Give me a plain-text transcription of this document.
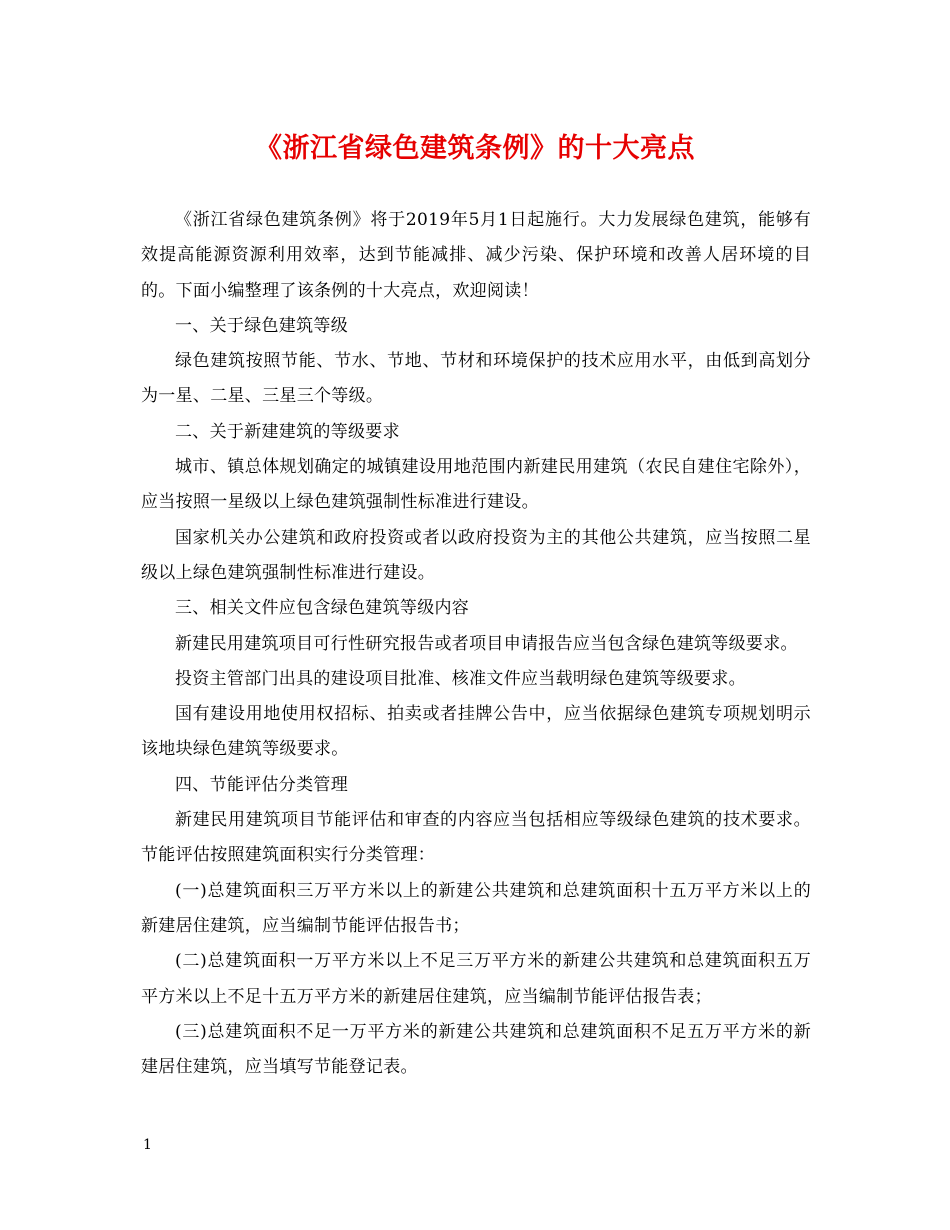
《浙江省绿色建筑条例》的十大亮点

《浙江省绿色建筑条例》将于2019年5月1日起施行。大力发展绿色建筑，能够有效提高能源资源利用效率，达到节能减排、减少污染、保护环境和改善人居环境的目的。下面小编整理了该条例的十大亮点，欢迎阅读！

一、关于绿色建筑等级

绿色建筑按照节能、节水、节地、节材和环境保护的技术应用水平，由低到高划分为一星、二星、三星三个等级。

二、关于新建建筑的等级要求

城市、镇总体规划确定的城镇建设用地范围内新建民用建筑（农民自建住宅除外），应当按照一星级以上绿色建筑强制性标准进行建设。

国家机关办公建筑和政府投资或者以政府投资为主的其他公共建筑，应当按照二星级以上绿色建筑强制性标准进行建设。

三、相关文件应包含绿色建筑等级内容

新建民用建筑项目可行性研究报告或者项目申请报告应当包含绿色建筑等级要求。

投资主管部门出具的建设项目批准、核准文件应当载明绿色建筑等级要求。

国有建设用地使用权招标、拍卖或者挂牌公告中，应当依据绿色建筑专项规划明示该地块绿色建筑等级要求。

四、节能评估分类管理

新建民用建筑项目节能评估和审查的内容应当包括相应等级绿色建筑的技术要求。节能评估按照建筑面积实行分类管理：

(一)总建筑面积三万平方米以上的新建公共建筑和总建筑面积十五万平方米以上的新建居住建筑，应当编制节能评估报告书；

(二)总建筑面积一万平方米以上不足三万平方米的新建公共建筑和总建筑面积五万平方米以上不足十五万平方米的新建居住建筑，应当编制节能评估报告表；

(三)总建筑面积不足一万平方米的新建公共建筑和总建筑面积不足五万平方米的新建居住建筑，应当填写节能登记表。

1
